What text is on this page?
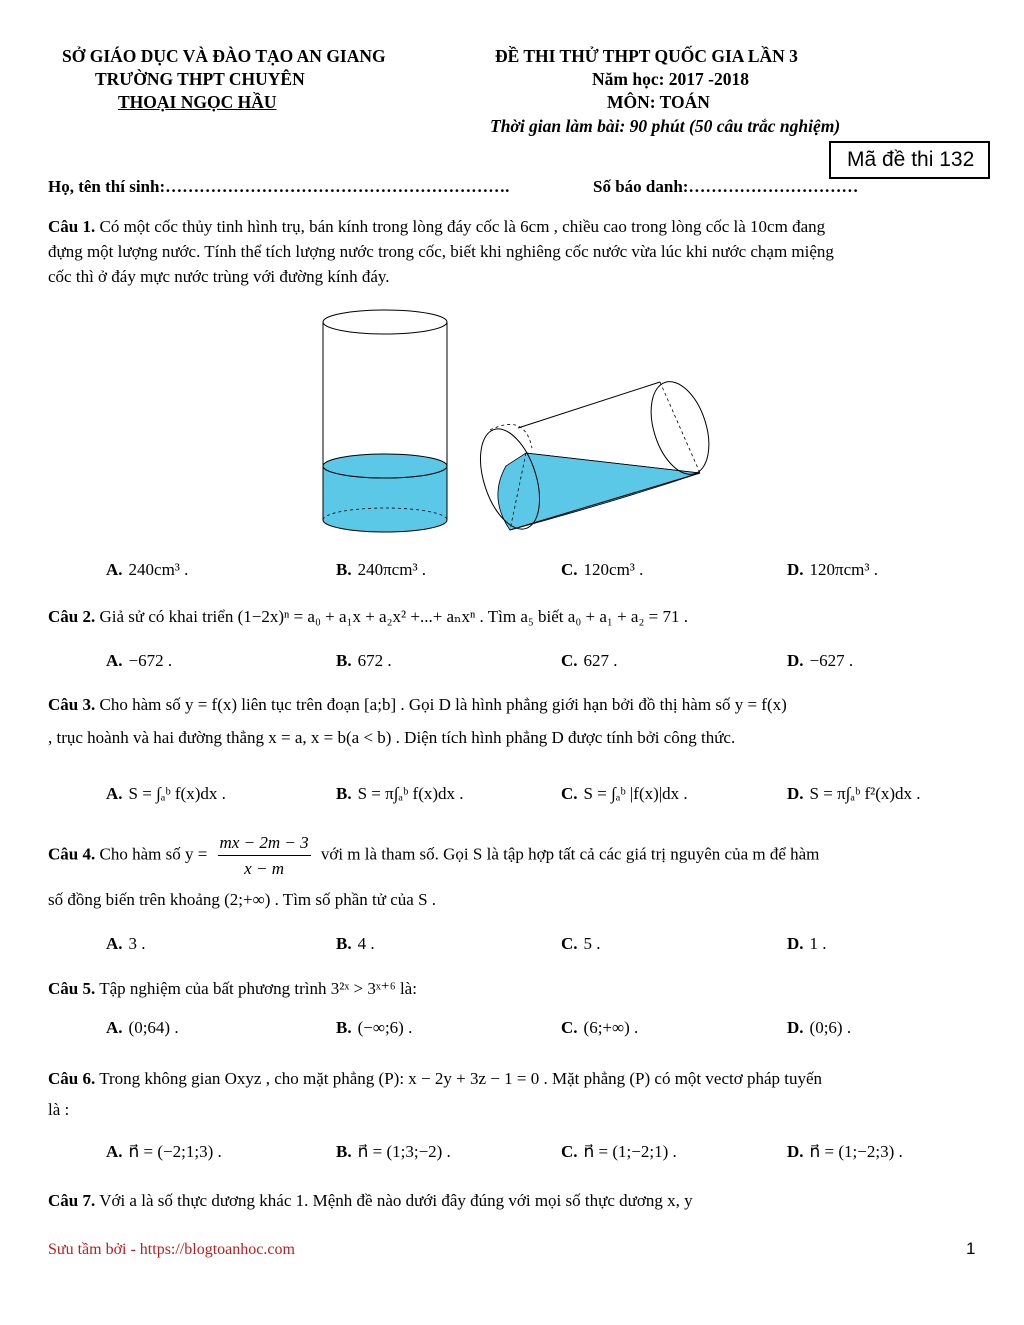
SỞ GIÁO DỤC VÀ ĐÀO TẠO AN GIANG
TRƯỜNG THPT CHUYÊN
THOẠI NGỌC HẦU
ĐỀ THI THỬ THPT QUỐC GIA LẦN 3
Năm học: 2017 -2018
MÔN: TOÁN
Thời gian làm bài: 90 phút (50 câu trắc nghiệm)
Mã đề thi 132
Họ, tên thí sinh:…………………………………………………….	Số báo danh:…………………………
Câu 1. Có một cốc thủy tinh hình trụ, bán kính trong lòng đáy cốc là 6cm , chiều cao trong lòng cốc là 10cm đang
đựng một lượng nước. Tính thể tích lượng nước trong cốc, biết khi nghiêng cốc nước vừa lúc khi nước chạm miệng
cốc thì ở đáy mực nước trùng với đường kính đáy.
A. 240cm³ .	B. 240πcm³ .	C. 120cm³ .	D. 120πcm³ .
Câu 2. Giả sử có khai triển (1−2x)ⁿ = a₀ + a₁x + a₂x² +...+ aₙxⁿ . Tìm a₅ biết a₀ + a₁ + a₂ = 71 .
A. −672 .	B. 672 .	C. 627 .	D. −627 .
Câu 3. Cho hàm số y = f(x) liên tục trên đoạn [a;b] . Gọi D là hình phẳng giới hạn bởi đồ thị hàm số y = f(x)
, trục hoành và hai đường thẳng x = a, x = b(a < b) . Diện tích hình phẳng D được tính bởi công thức.
A. S = ∫ₐᵇ f(x)dx .	B. S = π∫ₐᵇ f(x)dx .	C. S = ∫ₐᵇ |f(x)|dx .	D. S = π∫ₐᵇ f²(x)dx .
Câu 4. Cho hàm số $y = \frac{mx - 2m - 3}{x - m}$ với m là tham số. Gọi S là tập hợp tất cả các giá trị nguyên của m để hàm
số đồng biến trên khoảng (2;+∞) . Tìm số phần tử của S .
A. 3 .	B. 4 .	C. 5 .	D. 1 .
Câu 5. Tập nghiệm của bất phương trình 3²ˣ > 3ˣ⁺⁶ là:
A. (0;64) .	B. (−∞;6) .	C. (6;+∞) .	D. (0;6) .
Câu 6. Trong không gian Oxyz , cho mặt phẳng (P): x − 2y + 3z − 1 = 0 . Mặt phẳng (P) có một vectơ pháp tuyến
là :
A. n⃗ = (−2;1;3) .	B. n⃗ = (1;3;−2) .	C. n⃗ = (1;−2;1) .	D. n⃗ = (1;−2;3) .
Câu 7. Với a là số thực dương khác 1. Mệnh đề nào dưới đây đúng với mọi số thực dương x, y
Sưu tầm bởi - https://blogtoanhoc.com	1
